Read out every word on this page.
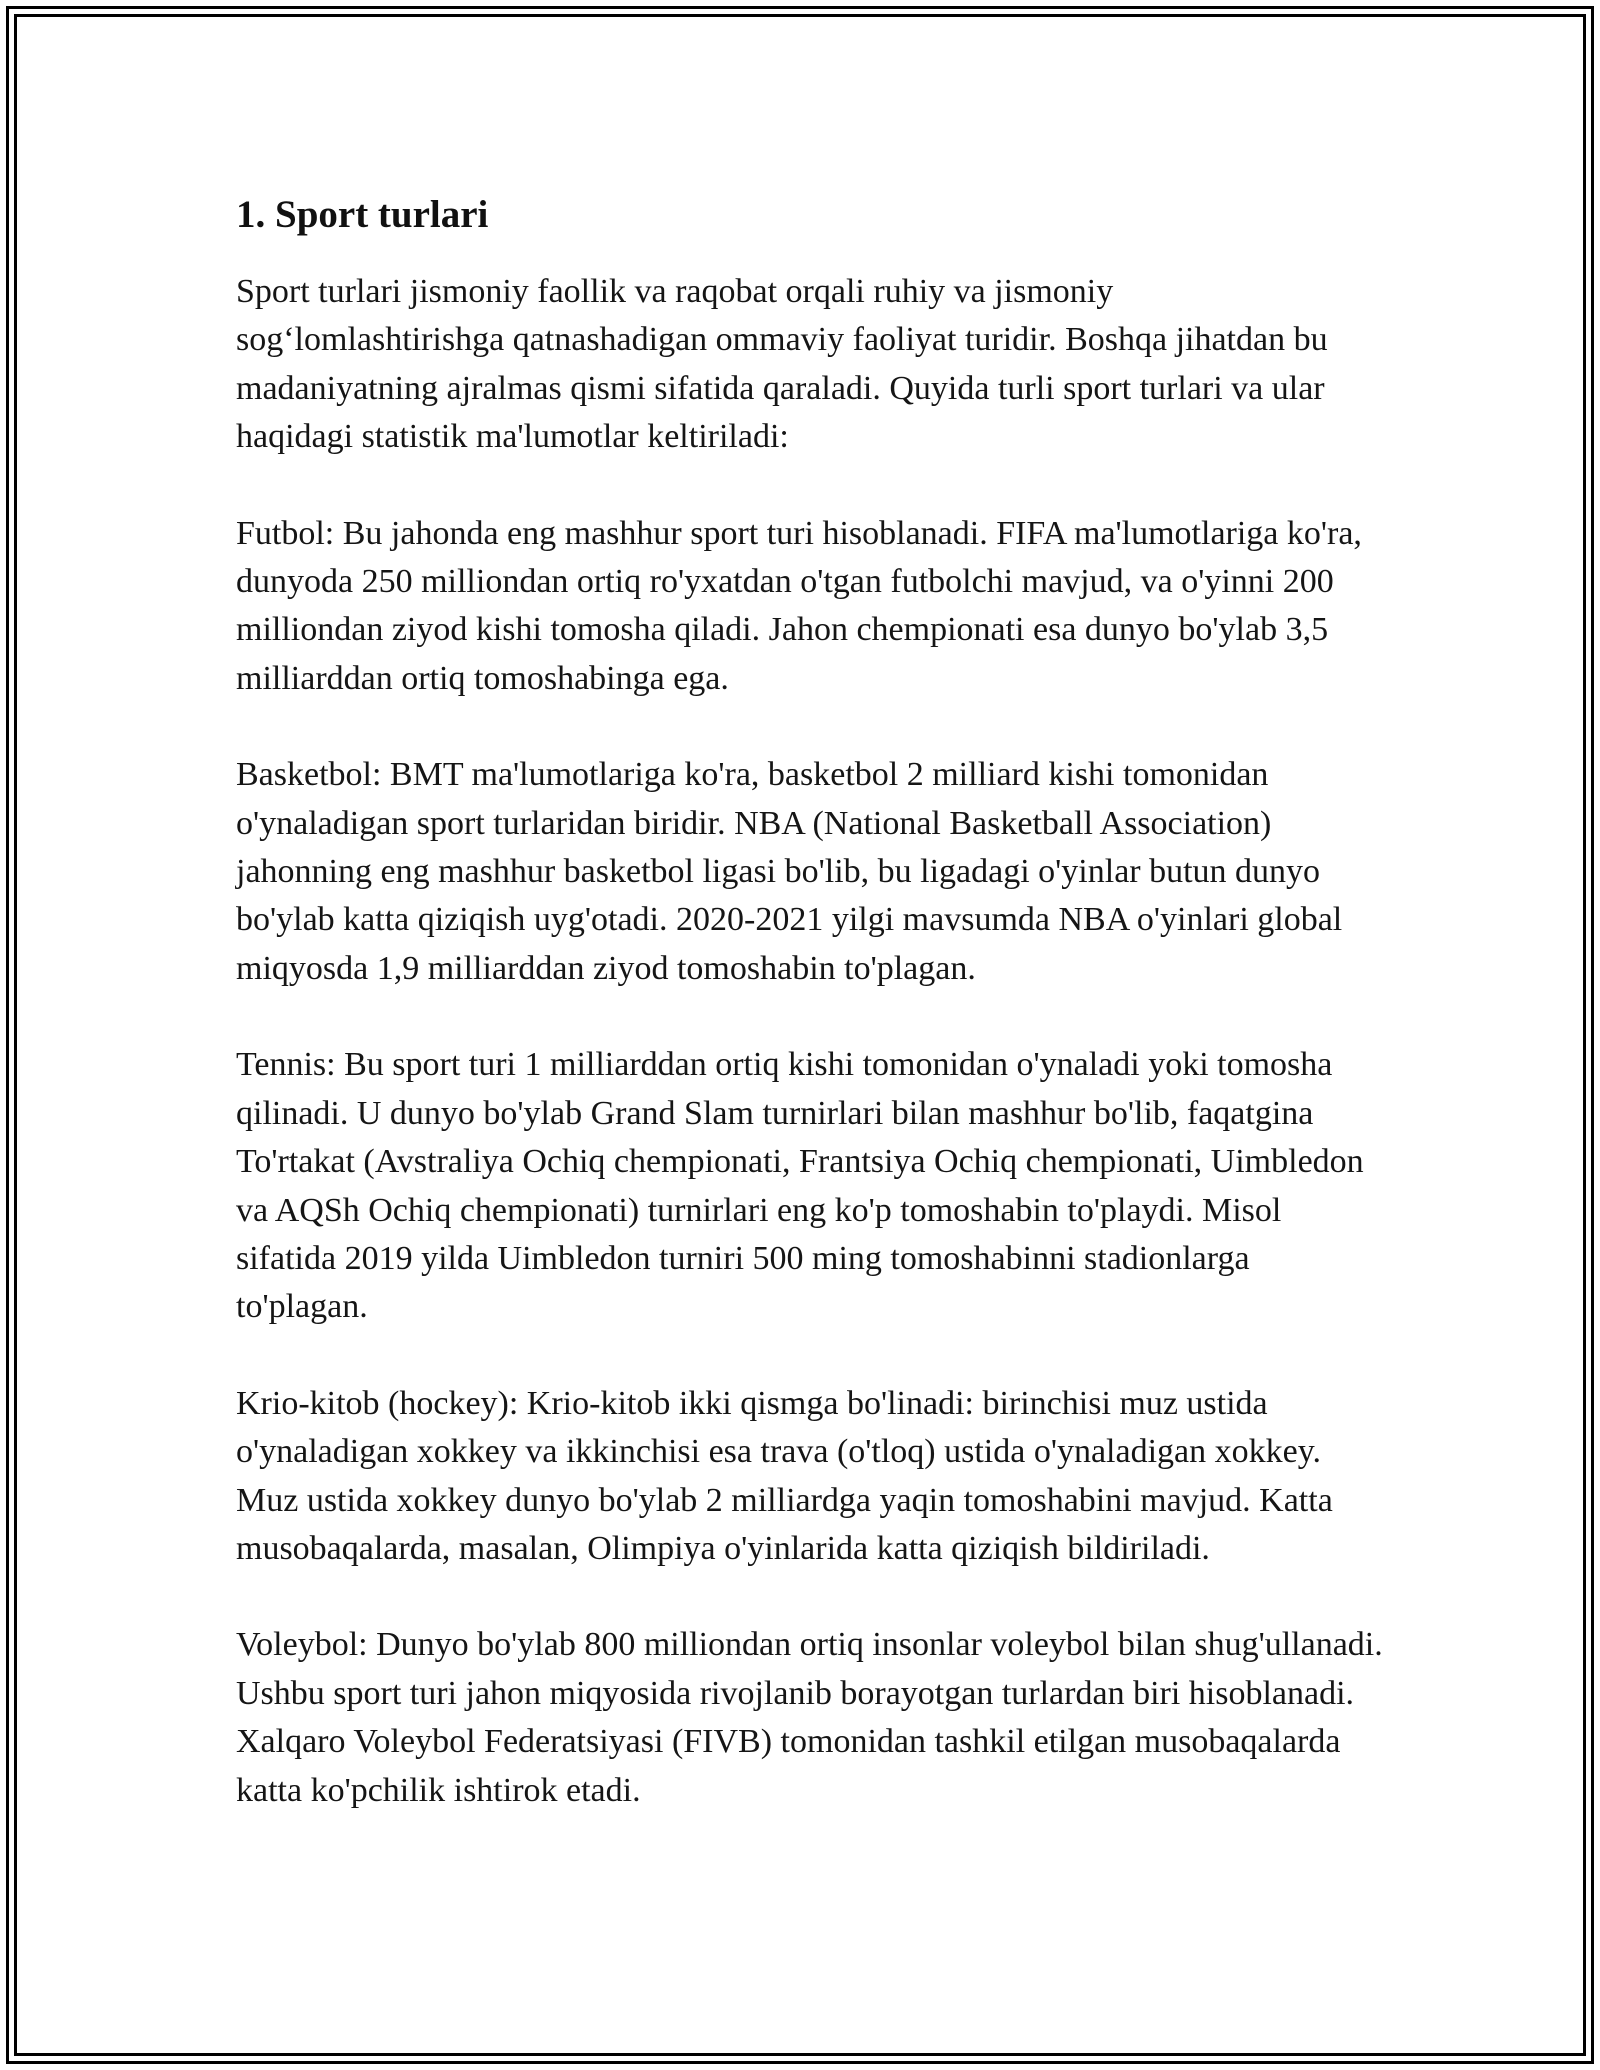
1. Sport turlari

Sport turlari jismoniy faollik va raqobat orqali ruhiy va jismoniy sog‘lomlashtirishga qatnashadigan ommaviy faoliyat turidir. Boshqa jihatdan bu madaniyatning ajralmas qismi sifatida qaraladi. Quyida turli sport turlari va ular haqidagi statistik ma'lumotlar keltiriladi:

Futbol: Bu jahonda eng mashhur sport turi hisoblanadi. FIFA ma'lumotlariga ko'ra, dunyoda 250 milliondan ortiq ro'yxatdan o'tgan futbolchi mavjud, va o'yinni 200 milliondan ziyod kishi tomosha qiladi. Jahon chempionati esa dunyo bo'ylab 3,5 milliarddan ortiq tomoshabinga ega.

Basketbol: BMT ma'lumotlariga ko'ra, basketbol 2 milliard kishi tomonidan o'ynaladigan sport turlaridan biridir. NBA (National Basketball Association) jahonning eng mashhur basketbol ligasi bo'lib, bu ligadagi o'yinlar butun dunyo bo'ylab katta qiziqish uyg'otadi. 2020-2021 yilgi mavsumda NBA o'yinlari global miqyosda 1,9 milliarddan ziyod tomoshabin to'plagan.

Tennis: Bu sport turi 1 milliarddan ortiq kishi tomonidan o'ynaladi yoki tomosha qilinadi. U dunyo bo'ylab Grand Slam turnirlari bilan mashhur bo'lib, faqatgina To'rtakat (Avstraliya Ochiq chempionati, Frantsiya Ochiq chempionati, Uimbledon va AQSh Ochiq chempionati) turnirlari eng ko'p tomoshabin to'playdi. Misol sifatida 2019 yilda Uimbledon turniri 500 ming tomoshabinni stadionlarga to'plagan.

Krio-kitob (hockey): Krio-kitob ikki qismga bo'linadi: birinchisi muz ustida o'ynaladigan xokkey va ikkinchisi esa trava (o'tloq) ustida o'ynaladigan xokkey. Muz ustida xokkey dunyo bo'ylab 2 milliardga yaqin tomoshabini mavjud. Katta musobaqalarda, masalan, Olimpiya o'yinlarida katta qiziqish bildiriladi.

Voleybol: Dunyo bo'ylab 800 milliondan ortiq insonlar voleybol bilan shug'ullanadi. Ushbu sport turi jahon miqyosida rivojlanib borayotgan turlardan biri hisoblanadi. Xalqaro Voleybol Federatsiyasi (FIVB) tomonidan tashkil etilgan musobaqalarda katta ko'pchilik ishtirok etadi.
